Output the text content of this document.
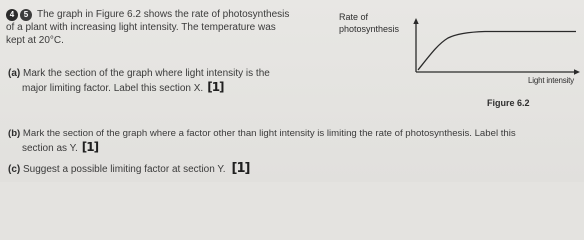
4	5 The graph in Figure 6.2 shows the rate of photosynthesis
of a plant with increasing light intensity. The temperature was
kept at 20°C.
(a) Mark the section of the graph where light intensity is the
major limiting factor. Label this section X. [1]
(b) Mark the section of the graph where a factor other than light intensity is limiting the rate of photosynthesis. Label this
section as Y. [1]
(c) Suggest a possible limiting factor at section Y. [1]
Rate of
photosynthesis
Light intensity
Figure 6.2
